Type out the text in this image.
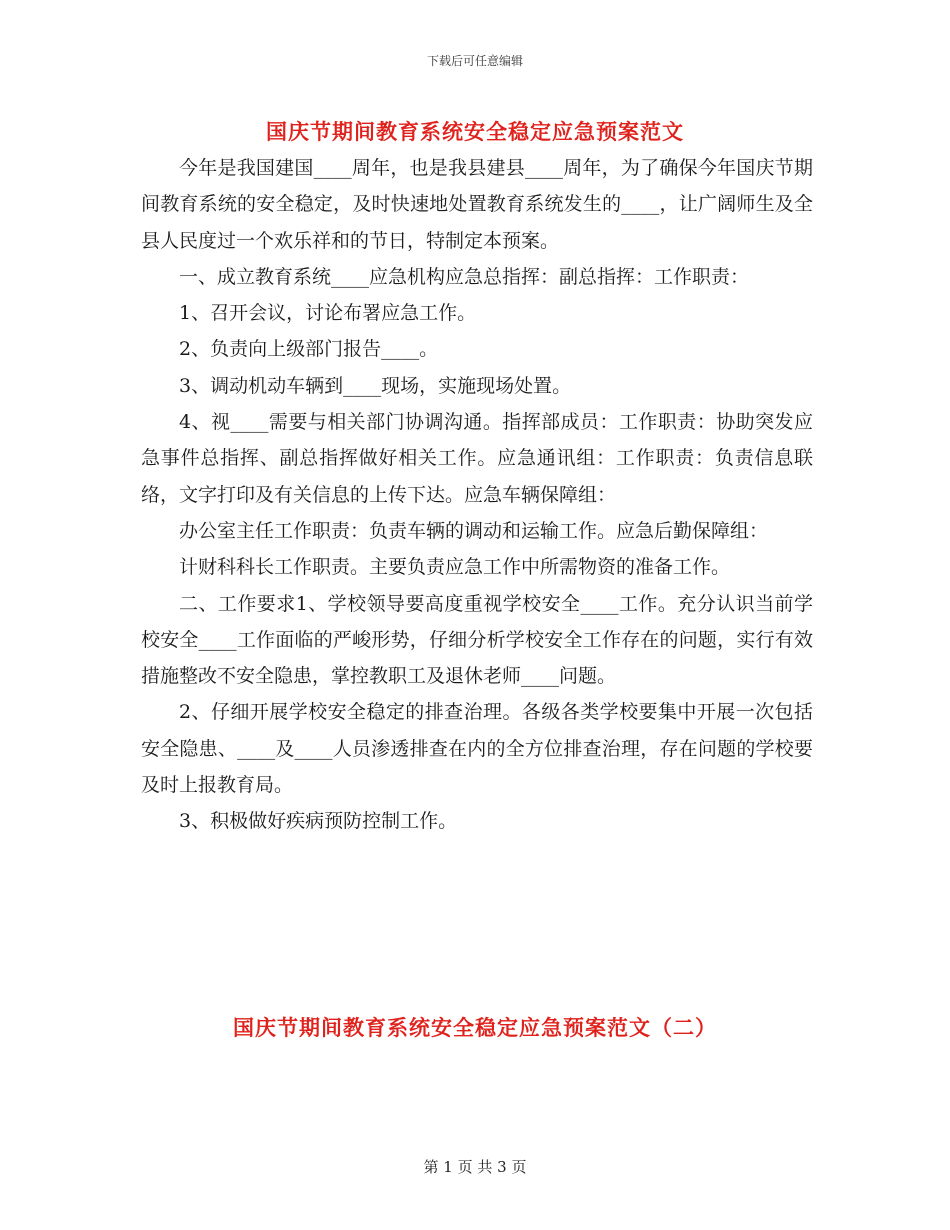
下载后可任意编辑
国庆节期间教育系统安全稳定应急预案范文

今年是我国建国____周年，也是我县建县____周年，为了确保今年国庆节期间教育系统的安全稳定，及时快速地处置教育系统发生的____，让广阔师生及全县人民度过一个欢乐祥和的节日，特制定本预案。

一、成立教育系统____应急机构应急总指挥：副总指挥：工作职责：

1、召开会议，讨论布署应急工作。

2、负责向上级部门报告____。

3、调动机动车辆到____现场，实施现场处置。

4、视____需要与相关部门协调沟通。指挥部成员：工作职责：协助突发应急事件总指挥、副总指挥做好相关工作。应急通讯组：工作职责：负责信息联络，文字打印及有关信息的上传下达。应急车辆保障组：

办公室主任工作职责：负责车辆的调动和运输工作。应急后勤保障组：

计财科科长工作职责。主要负责应急工作中所需物资的准备工作。

二、工作要求1、学校领导要高度重视学校安全____工作。充分认识当前学校安全____工作面临的严峻形势，仔细分析学校安全工作存在的问题，实行有效措施整改不安全隐患，掌控教职工及退休老师____问题。

2、仔细开展学校安全稳定的排查治理。各级各类学校要集中开展一次包括安全隐患、____及____人员渗透排查在内的全方位排查治理，存在问题的学校要及时上报教育局。

3、积极做好疾病预防控制工作。

国庆节期间教育系统安全稳定应急预案范文（二）
第 1 页 共 3 页
